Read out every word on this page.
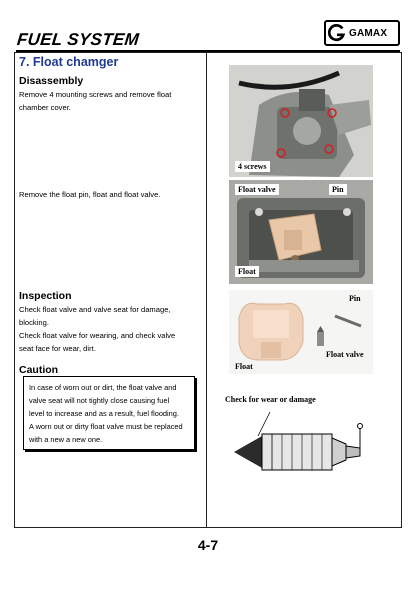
FUEL SYSTEM	GAMAX
7. Float chamger
Disassembly
Remove 4 mounting screws and remove float
chamber cover.
Remove the float pin, float and float valve.
Inspection
Check float valve and valve seat for damage,
blocking.
Check float valve for wearing, and check valve
seat face for wear, dirt.
Caution
In case of worn out or dirt, the float valve and
valve seat will not tightly close causing fuel
level to increase and as a result, fuel flooding.
A worn out or dirty float valve must be replaced
with a new a new one.
4 screws
Float valve	Pin
Float
Pin
Float valve
Float
Check for wear or damage
4-7
